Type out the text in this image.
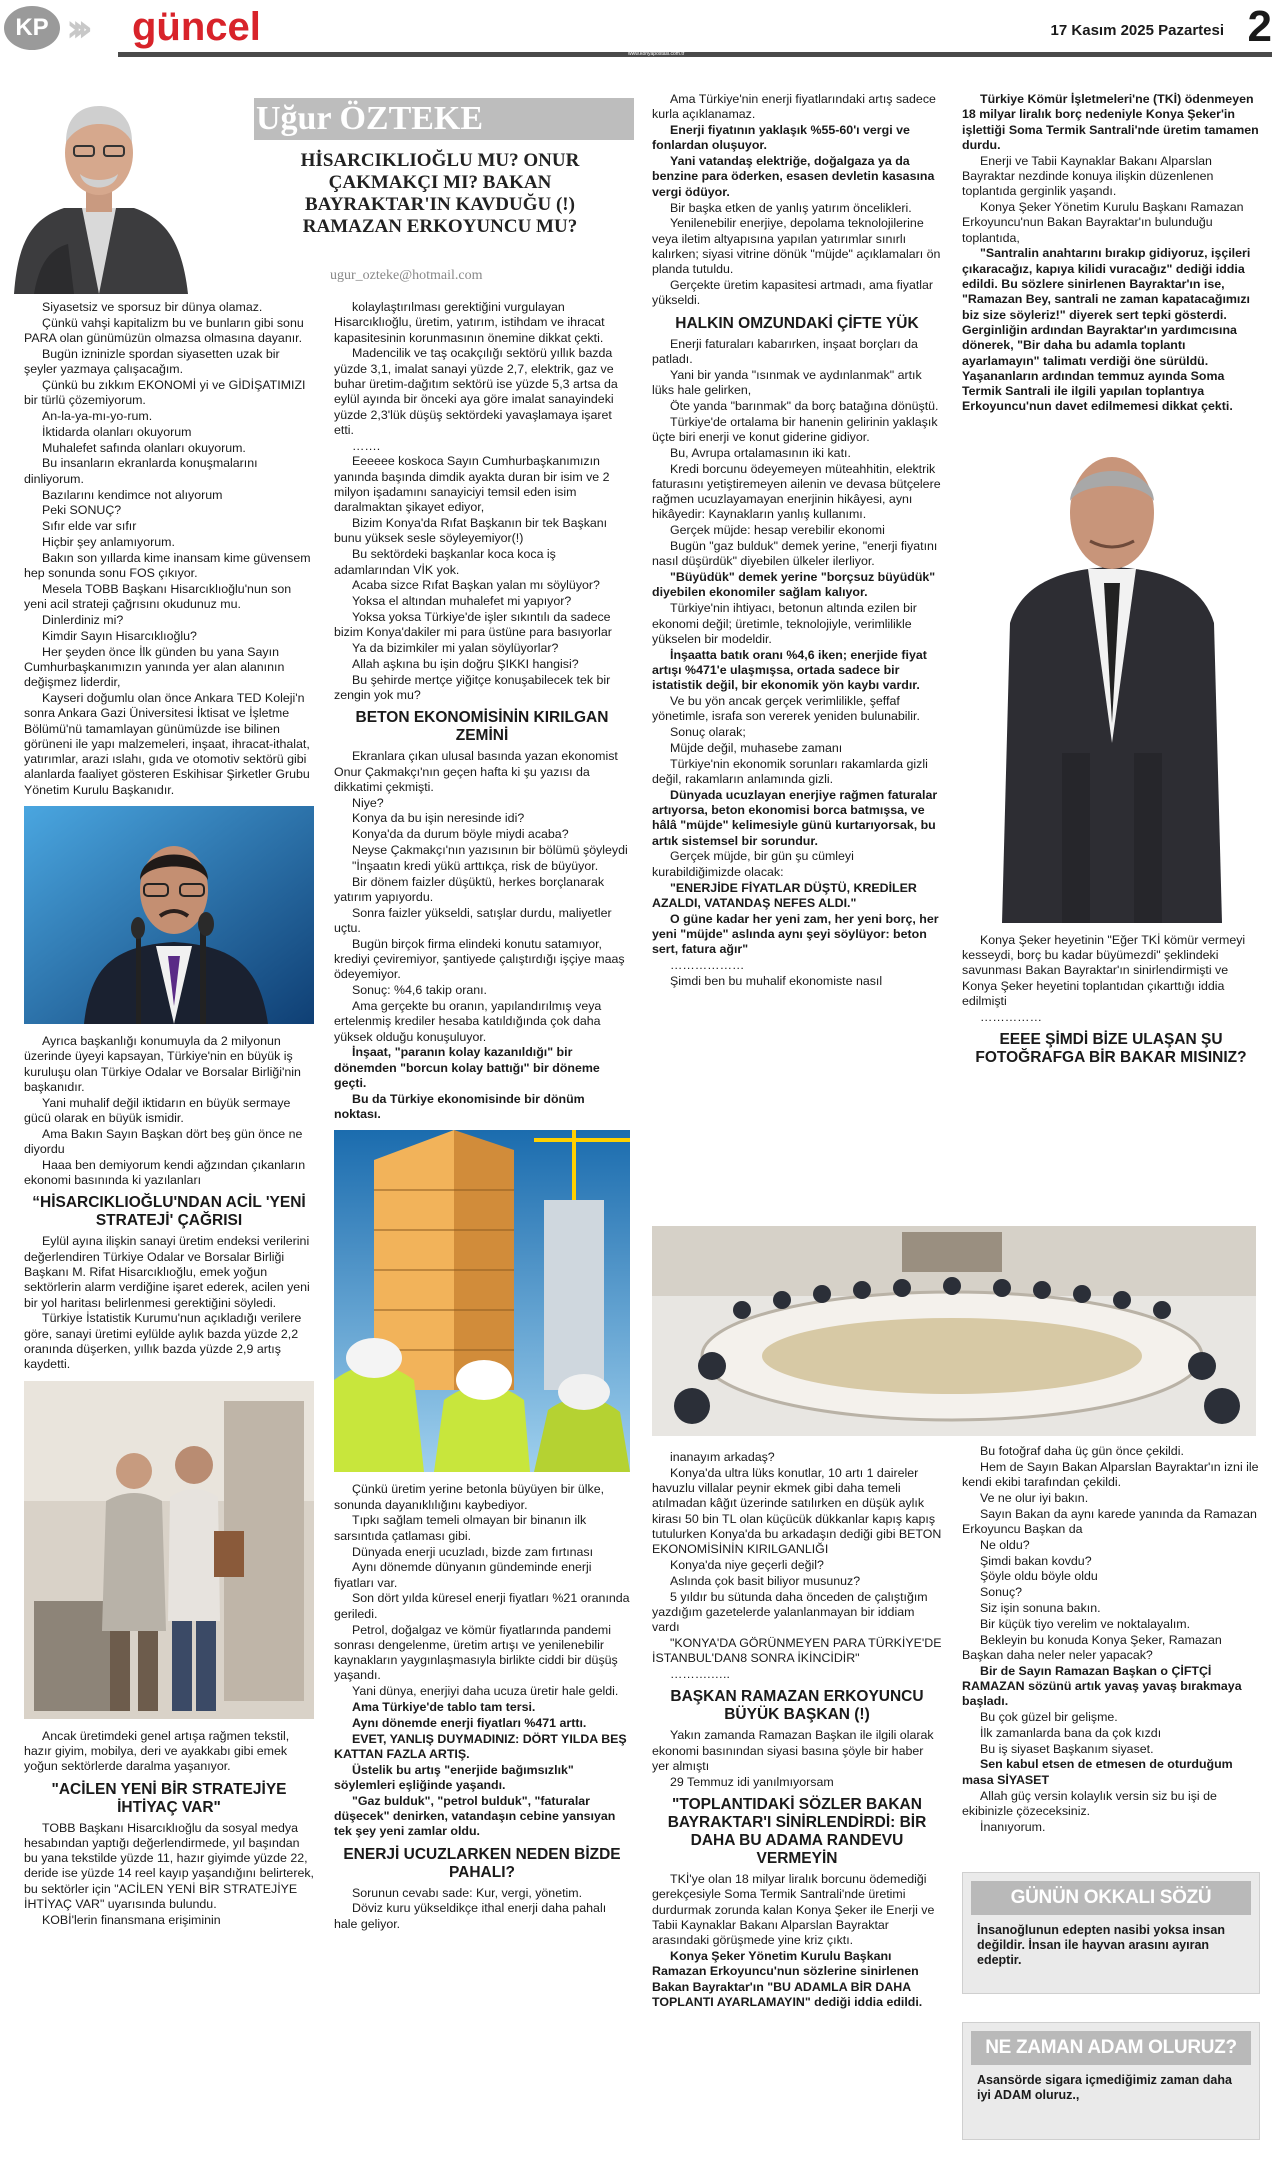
KP ››› güncel	17 Kasım 2025 Pazartesi 2
www.konyapostasi.com.tr
Uğur ÖZTEKE
HİSARCIKLIOĞLU MU? ONUR ÇAKMAKÇI MI? BAKAN BAYRAKTAR'IN KAVDUĞU (!) RAMAZAN ERKOYUNCU MU?
ugur_ozteke@hotmail.com

Siyasetsiz ve sporsuz bir dünya olamaz.

Çünkü vahşi kapitalizm bu ve bunların gibi sonu PARA olan günümüzün olmazsa olmasına dayanır.

Bugün izninizle spordan siyasetten uzak bir şeyler yazmaya çalışacağım.

Çünkü bu zıkkım EKONOMİ yi ve GİDİŞATIMIZI bir türlü çözemiyorum.

An-la-ya-mı-yo-rum.

İktidarda olanları okuyorum

Muhalefet safında olanları okuyorum.

Bu insanların ekranlarda konuşmalarını dinliyorum.

Bazılarını kendimce not alıyorum

Peki SONUÇ?

Sıfır elde var sıfır

Hiçbir şey anlamıyorum.

Bakın son yıllarda kime inansam kime güvensem hep sonunda sonu FOS çıkıyor.

Mesela TOBB Başkanı Hisarcıklıoğlu'nun son yeni acil strateji çağrısını okudunuz mu.

Dinlerdiniz mi?

Kimdir Sayın Hisarcıklıoğlu?

Her şeyden önce İlk günden bu yana Sayın Cumhurbaşkanımızın yanında yer alan alanının değişmez liderdir,

Kayseri doğumlu olan önce Ankara TED Koleji'n sonra Ankara Gazi Üniversitesi İktisat ve İşletme Bölümü'nü tamamlayan günümüzde ise bilinen görüneni ile yapı malzemeleri, inşaat, ihracat-ithalat, yatırımlar, arazi ıslahı, gıda ve otomotiv sektörü gibi alanlarda faaliyet gösteren Eskihisar Şirketler Grubu Yönetim Kurulu Başkanıdır.

Ayrıca başkanlığı konumuyla da 2 milyonun üzerinde üyeyi kapsayan, Türkiye'nin en büyük iş kuruluşu olan Türkiye Odalar ve Borsalar Birliği'nin başkanıdır.

Yani muhalif değil iktidarın en büyük sermaye gücü olarak en büyük ismidir.

Ama Bakın Sayın Başkan dört beş gün önce ne diyordu

Haaa ben demiyorum kendi ağzından çıkanların ekonomi basınında ki yazılanları

“HİSARCIKLIOĞLU'NDAN ACİL 'YENİ STRATEJİ' ÇAĞRISI

Eylül ayına ilişkin sanayi üretim endeksi verilerini değerlendiren Türkiye Odalar ve Borsalar Birliği Başkanı M. Rifat Hisarcıklıoğlu, emek yoğun sektörlerin alarm verdiğine işaret ederek, acilen yeni bir yol haritası belirlenmesi gerektiğini söyledi.

Türkiye İstatistik Kurumu'nun açıkladığı verilere göre, sanayi üretimi eylülde aylık bazda yüzde 2,2 oranında düşerken, yıllık bazda yüzde 2,9 artış kaydetti.

Ancak üretimdeki genel artışa rağmen tekstil, hazır giyim, mobilya, deri ve ayakkabı gibi emek yoğun sektörlerde daralma yaşanıyor.

"ACİLEN YENİ BİR STRATEJİYE İHTİYAÇ VAR"

TOBB Başkanı Hisarcıklıoğlu da sosyal medya hesabından yaptığı değerlendirmede, yıl başından bu yana tekstilde yüzde 11, hazır giyimde yüzde 22, deride ise yüzde 14 reel kayıp yaşandığını belirterek, bu sektörler için "ACİLEN YENİ BİR STRATEJİYE İHTİYAÇ VAR" uyarısında bulundu.

KOBİ'lerin finansmana erişiminin

kolaylaştırılması gerektiğini vurgulayan Hisarcıklıoğlu, üretim, yatırım, istihdam ve ihracat kapasitesinin korunmasının önemine dikkat çekti.

Madencilik ve taş ocakçılığı sektörü yıllık bazda yüzde 3,1, imalat sanayi yüzde 2,7, elektrik, gaz ve buhar üretim-dağıtım sektörü ise yüzde 5,3 artsa da eylül ayında bir önceki aya göre imalat sanayindeki yüzde 2,3'lük düşüş sektördeki yavaşlamaya işaret etti.

…….

Eeeeee koskoca Sayın Cumhurbaşkanımızın yanında başında dimdik ayakta duran bir isim ve 2 milyon işadamını sanayiciyi temsil eden isim daralmaktan şikayet ediyor,

Bizim Konya'da Rıfat Başkanın bir tek Başkanı bunu yüksek sesle söyleyemiyor(!)

Bu sektördeki başkanlar koca koca iş adamlarından VİK yok.

Acaba sizce Rıfat Başkan yalan mı söylüyor?

Yoksa el altından muhalefet mi yapıyor?

Yoksa yoksa Türkiye'de işler sıkıntılı da sadece bizim Konya'dakiler mi para üstüne para basıyorlar

Ya da bizimkiler mi yalan söylüyorlar?

Allah aşkına bu işin doğru ŞIKKI hangisi?

Bu şehirde mertçe yiğitçe konuşabilecek tek bir zengin yok mu?

BETON EKONOMİSİNİN KIRILGAN ZEMİNİ

Ekranlara çıkan ulusal basında yazan ekonomist Onur Çakmakçı'nın geçen hafta ki şu yazısı da dikkatimi çekmişti.

Niye?

Konya da bu işin neresinde idi?

Konya'da da durum böyle miydi acaba?

Neyse Çakmakçı'nın yazısının bir bölümü şöyleydi

"İnşaatın kredi yükü arttıkça, risk de büyüyor.

Bir dönem faizler düşüktü, herkes borçlanarak yatırım yapıyordu.

Sonra faizler yükseldi, satışlar durdu, maliyetler uçtu.

Bugün birçok firma elindeki konutu satamıyor, krediyi çeviremiyor, şantiyede çalıştırdığı işçiye maaş ödeyemiyor.

Sonuç: %4,6 takip oranı.

Ama gerçekte bu oranın, yapılandırılmış veya ertelenmiş krediler hesaba katıldığında çok daha yüksek olduğu konuşuluyor.

İnşaat, "paranın kolay kazanıldığı" bir dönemden "borcun kolay battığı" bir döneme geçti.

Bu da Türkiye ekonomisinde bir dönüm noktası.

Çünkü üretim yerine betonla büyüyen bir ülke, sonunda dayanıklılığını kaybediyor.

Tıpkı sağlam temeli olmayan bir binanın ilk sarsıntıda çatlaması gibi.

Dünyada enerji ucuzladı, bizde zam fırtınası

Aynı dönemde dünyanın gündeminde enerji fiyatları var.

Son dört yılda küresel enerji fiyatları %21 oranında geriledi.

Petrol, doğalgaz ve kömür fiyatlarında pandemi sonrası dengelenme, üretim artışı ve yenilenebilir kaynakların yaygınlaşmasıyla birlikte ciddi bir düşüş yaşandı.

Yani dünya, enerjiyi daha ucuza üretir hale geldi.

Ama Türkiye'de tablo tam tersi.

Aynı dönemde enerji fiyatları %471 arttı.

EVET, YANLIŞ DUYMADINIZ: DÖRT YILDA BEŞ KATTAN FAZLA ARTIŞ.

Üstelik bu artış "enerjide bağımsızlık" söylemleri eşliğinde yaşandı.

"Gaz bulduk", "petrol bulduk", "faturalar düşecek" denirken, vatandaşın cebine yansıyan tek şey yeni zamlar oldu.

ENERJİ UCUZLARKEN NEDEN BİZDE PAHALI?

Sorunun cevabı sade: Kur, vergi, yönetim.

Döviz kuru yükseldikçe ithal enerji daha pahalı hale geliyor.

Ama Türkiye'nin enerji fiyatlarındaki artış sadece kurla açıklanamaz.

Enerji fiyatının yaklaşık %55-60'ı vergi ve fonlardan oluşuyor.

Yani vatandaş elektriğe, doğalgaza ya da benzine para öderken, esasen devletin kasasına vergi ödüyor.

Bir başka etken de yanlış yatırım öncelikleri.

Yenilenebilir enerjiye, depolama teknolojilerine veya iletim altyapısına yapılan yatırımlar sınırlı kalırken; siyasi vitrine dönük "müjde" açıklamaları ön planda tutuldu.

Gerçekte üretim kapasitesi artmadı, ama fiyatlar yükseldi.

HALKIN OMZUNDAKİ ÇİFTE YÜK

Enerji faturaları kabarırken, inşaat borçları da patladı.

Yani bir yanda "ısınmak ve aydınlanmak" artık lüks hale gelirken,

Öte yanda "barınmak" da borç batağına dönüştü.

Türkiye'de ortalama bir hanenin gelirinin yaklaşık üçte biri enerji ve konut giderine gidiyor.

Bu, Avrupa ortalamasının iki katı.

Kredi borcunu ödeyemeyen müteahhitin, elektrik faturasını yetiştiremeyen ailenin ve devasa bütçelere rağmen ucuzlayamayan enerjinin hikâyesi, aynı hikâyedir: Kaynakların yanlış kullanımı.

Gerçek müjde: hesap verebilir ekonomi

Bugün "gaz bulduk" demek yerine, "enerji fiyatını nasıl düşürdük" diyebilen ülkeler ilerliyor.

"Büyüdük" demek yerine "borçsuz büyüdük" diyebilen ekonomiler sağlam kalıyor.

Türkiye'nin ihtiyacı, betonun altında ezilen bir ekonomi değil; üretimle, teknolojiyle, verimlilikle yükselen bir modeldir.

İnşaatta batık oranı %4,6 iken; enerjide fiyat artışı %471'e ulaşmışsa, ortada sadece bir istatistik değil, bir ekonomik yön kaybı vardır.

Ve bu yön ancak gerçek verimlilikle, şeffaf yönetimle, israfa son vererek yeniden bulunabilir.

Sonuç olarak;

Müjde değil, muhasebe zamanı

Türkiye'nin ekonomik sorunları rakamlarda gizli değil, rakamların anlamında gizli.

Dünyada ucuzlayan enerjiye rağmen faturalar artıyorsa, beton ekonomisi borca batmışsa, ve hâlâ "müjde" kelimesiyle günü kurtarıyorsak, bu artık sistemsel bir sorundur.

Gerçek müjde, bir gün şu cümleyi kurabildiğimizde olacak:

"ENERJİDE FİYATLAR DÜŞTÜ, KREDİLER AZALDI, VATANDAŞ NEFES ALDI."

O güne kadar her yeni zam, her yeni borç, her yeni "müjde" aslında aynı şeyi söylüyor: beton sert, fatura ağır"

………………

Şimdi ben bu muhalif ekonomiste nasıl

inanayım arkadaş?

Konya'da ultra lüks konutlar, 10 artı 1 daireler havuzlu villalar peynir ekmek gibi daha temeli atılmadan kâğıt üzerinde satılırken en düşük aylık kirası 50 bin TL olan küçücük dükkanlar kapış kapış tutulurken Konya'da bu arkadaşın dediği gibi BETON EKONOMİSİNİN KIRILGANLIĞI

Konya'da niye geçerli değil?

Aslında çok basit biliyor musunuz?

5 yıldır bu sütunda daha önceden de çalıştığım yazdığım gazetelerde yalanlanmayan bir iddiam vardı

"KONYA'DA GÖRÜNMEYEN PARA TÜRKİYE'DE İSTANBUL'DAN8 SONRA İKİNCİDİR"

……….…..

BAŞKAN RAMAZAN ERKOYUNCU BÜYÜK BAŞKAN (!)

Yakın zamanda Ramazan Başkan ile ilgili olarak ekonomi basınından siyasi basına şöyle bir haber yer almıştı

29 Temmuz idi yanılmıyorsam

"TOPLANTIDAKİ SÖZLER BAKAN BAYRAKTAR'I SİNİRLENDİRDİ: BİR DAHA BU ADAMA RANDEVU VERMEYİN

TKİ'ye olan 18 milyar liralık borcunu ödemediği gerekçesiyle Soma Termik Santrali'nde üretimi durdurmak zorunda kalan Konya Şeker ile Enerji ve Tabii Kaynaklar Bakanı Alparslan Bayraktar arasındaki görüşmede yine kriz çıktı.

Konya Şeker Yönetim Kurulu Başkanı Ramazan Erkoyuncu'nun sözlerine sinirlenen Bakan Bayraktar'ın "BU ADAMLA BİR DAHA TOPLANTI AYARLAMAYIN" dediği iddia edildi.

Türkiye Kömür İşletmeleri'ne (TKİ) ödenmeyen 18 milyar liralık borç nedeniyle Konya Şeker'in işlettiği Soma Termik Santrali'nde üretim tamamen durdu.

Enerji ve Tabii Kaynaklar Bakanı Alparslan Bayraktar nezdinde konuya ilişkin düzenlenen toplantıda gerginlik yaşandı.

Konya Şeker Yönetim Kurulu Başkanı Ramazan Erkoyuncu'nun Bakan Bayraktar'ın bulunduğu toplantıda,

"Santralin anahtarını bırakıp gidiyoruz, işçileri çıkaracağız, kapıya kilidi vuracağız" dediği iddia edildi. Bu sözlere sinirlenen Bayraktar'ın ise, "Ramazan Bey, santrali ne zaman kapatacağımızı biz size söyleriz!" diyerek sert tepki gösterdi. Gerginliğin ardından Bayraktar'ın yardımcısına dönerek, "Bir daha bu adamla toplantı ayarlamayın" talimatı verdiği öne sürüldü. Yaşananların ardından temmuz ayında Soma Termik Santrali ile ilgili yapılan toplantıya Erkoyuncu'nun davet edilmemesi dikkat çekti.

Konya Şeker heyetinin "Eğer TKİ kömür vermeyi kesseydi, borç bu kadar büyümezdi" şeklindeki savunması Bakan Bayraktar'ın sinirlendirmişti ve Konya Şeker heyetini toplantıdan çıkarttığı iddia edilmişti

……………

EEEE ŞİMDİ BİZE ULAŞAN ŞU FOTOĞRAFGA BİR BAKAR MISINIZ?

Bu fotoğraf daha üç gün önce çekildi.

Hem de Sayın Bakan Alparslan Bayraktar'ın izni ile kendi ekibi tarafından çekildi.

Ve ne olur iyi bakın.

Sayın Bakan da aynı karede yanında da Ramazan Erkoyuncu Başkan da

Ne oldu?

Şimdi bakan kovdu?

Şöyle oldu böyle oldu

Sonuç?

Siz işin sonuna bakın.

Bir küçük tiyo verelim ve noktalayalım.

Bekleyin bu konuda Konya Şeker, Ramazan Başkan daha neler neler yapacak?

Bir de Sayın Ramazan Başkan o ÇİFTÇİ RAMAZAN sözünü artık yavaş yavaş bırakmaya başladı.

Bu çok güzel bir gelişme.

İlk zamanlarda bana da çok kızdı

Bu iş siyaset Başkanım siyaset.

Sen kabul etsen de etmesen de oturduğum masa SİYASET

Allah güç versin kolaylık versin siz bu işi de ekibinizle çözeceksiniz.

İnanıyorum.

GÜNÜN OKKALI SÖZÜ
İnsanoğlunun edepten nasibi yoksa insan değildir. İnsan ile hayvan arasını ayıran edeptir.
NE ZAMAN ADAM OLURUZ?
Asansörde sigara içmediğimiz zaman daha iyi ADAM oluruz.,
